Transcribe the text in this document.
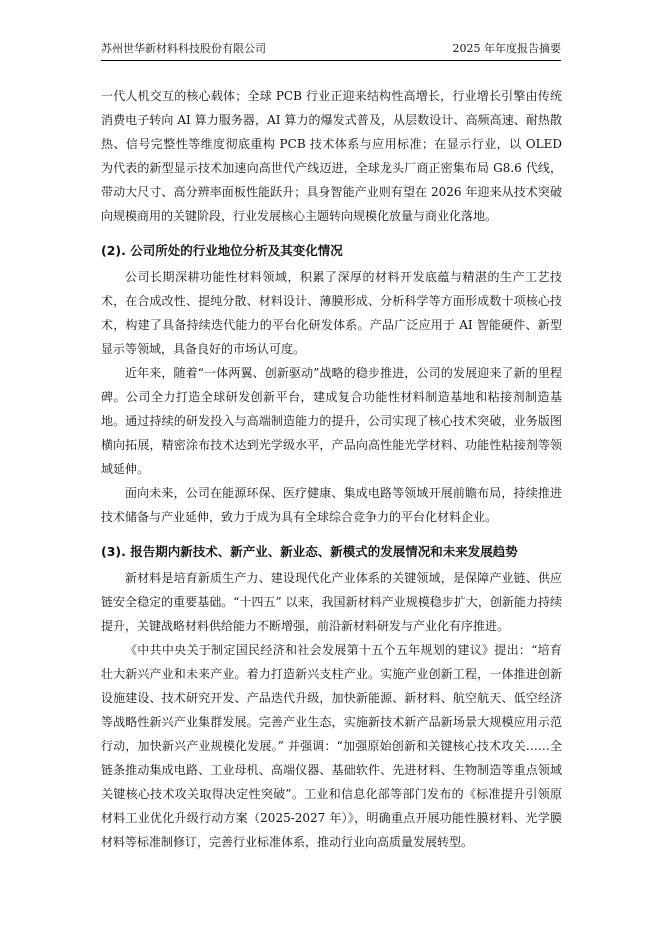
苏州世华新材料科技股份有限公司	2025 年年度报告摘要

一代人机交互的核心载体；全球 PCB 行业正迎来结构性高增长，行业增长引擎由传统消费电子转向 AI 算力服务器，AI 算力的爆发式普及，从层数设计、高频高速、耐热散热、信号完整性等维度彻底重构 PCB 技术体系与应用标准；在显示行业，以 OLED 为代表的新型显示技术加速向高世代产线迈进，全球龙头厂商正密集布局 G8.6 代线，带动大尺寸、高分辨率面板性能跃升；具身智能产业则有望在 2026 年迎来从技术突破向规模商用的关键阶段，行业发展核心主题转向规模化放量与商业化落地。

(2). 公司所处的行业地位分析及其变化情况

公司长期深耕功能性材料领域，积累了深厚的材料开发底蕴与精湛的生产工艺技术，在合成改性、提纯分散、材料设计、薄膜形成、分析科学等方面形成数十项核心技术，构建了具备持续迭代能力的平台化研发体系。产品广泛应用于 AI 智能硬件、新型显示等领域，具备良好的市场认可度。

近年来，随着“一体两翼、创新驱动”战略的稳步推进，公司的发展迎来了新的里程碑。公司全力打造全球研发创新平台，建成复合功能性材料制造基地和粘接剂制造基地。通过持续的研发投入与高端制造能力的提升，公司实现了核心技术突破，业务版图横向拓展，精密涂布技术达到光学级水平，产品向高性能光学材料、功能性粘接剂等领域延伸。

面向未来，公司在能源环保、医疗健康、集成电路等领域开展前瞻布局，持续推进技术储备与产业延伸，致力于成为具有全球综合竞争力的平台化材料企业。

(3). 报告期内新技术、新产业、新业态、新模式的发展情况和未来发展趋势

新材料是培育新质生产力、建设现代化产业体系的关键领域，是保障产业链、供应链安全稳定的重要基础。“十四五” 以来，我国新材料产业规模稳步扩大，创新能力持续提升，关键战略材料供给能力不断增强，前沿新材料研发与产业化有序推进。

《中共中央关于制定国民经济和社会发展第十五个五年规划的建议》提出：“培育壮大新兴产业和未来产业。着力打造新兴支柱产业。实施产业创新工程，一体推进创新设施建设、技术研究开发、产品迭代升级，加快新能源、新材料、航空航天、低空经济等战略性新兴产业集群发展。完善产业生态，实施新技术新产品新场景大规模应用示范行动，加快新兴产业规模化发展。” 并强调：“加强原始创新和关键核心技术攻关……全链条推动集成电路、工业母机、高端仪器、基础软件、先进材料、生物制造等重点领域关键核心技术攻关取得决定性突破”。工业和信息化部等部门发布的《标准提升引领原材料工业优化升级行动方案（2025-2027 年）》，明确重点开展功能性膜材料、光学膜材料等标准制修订，完善行业标准体系，推动行业向高质量发展转型。
